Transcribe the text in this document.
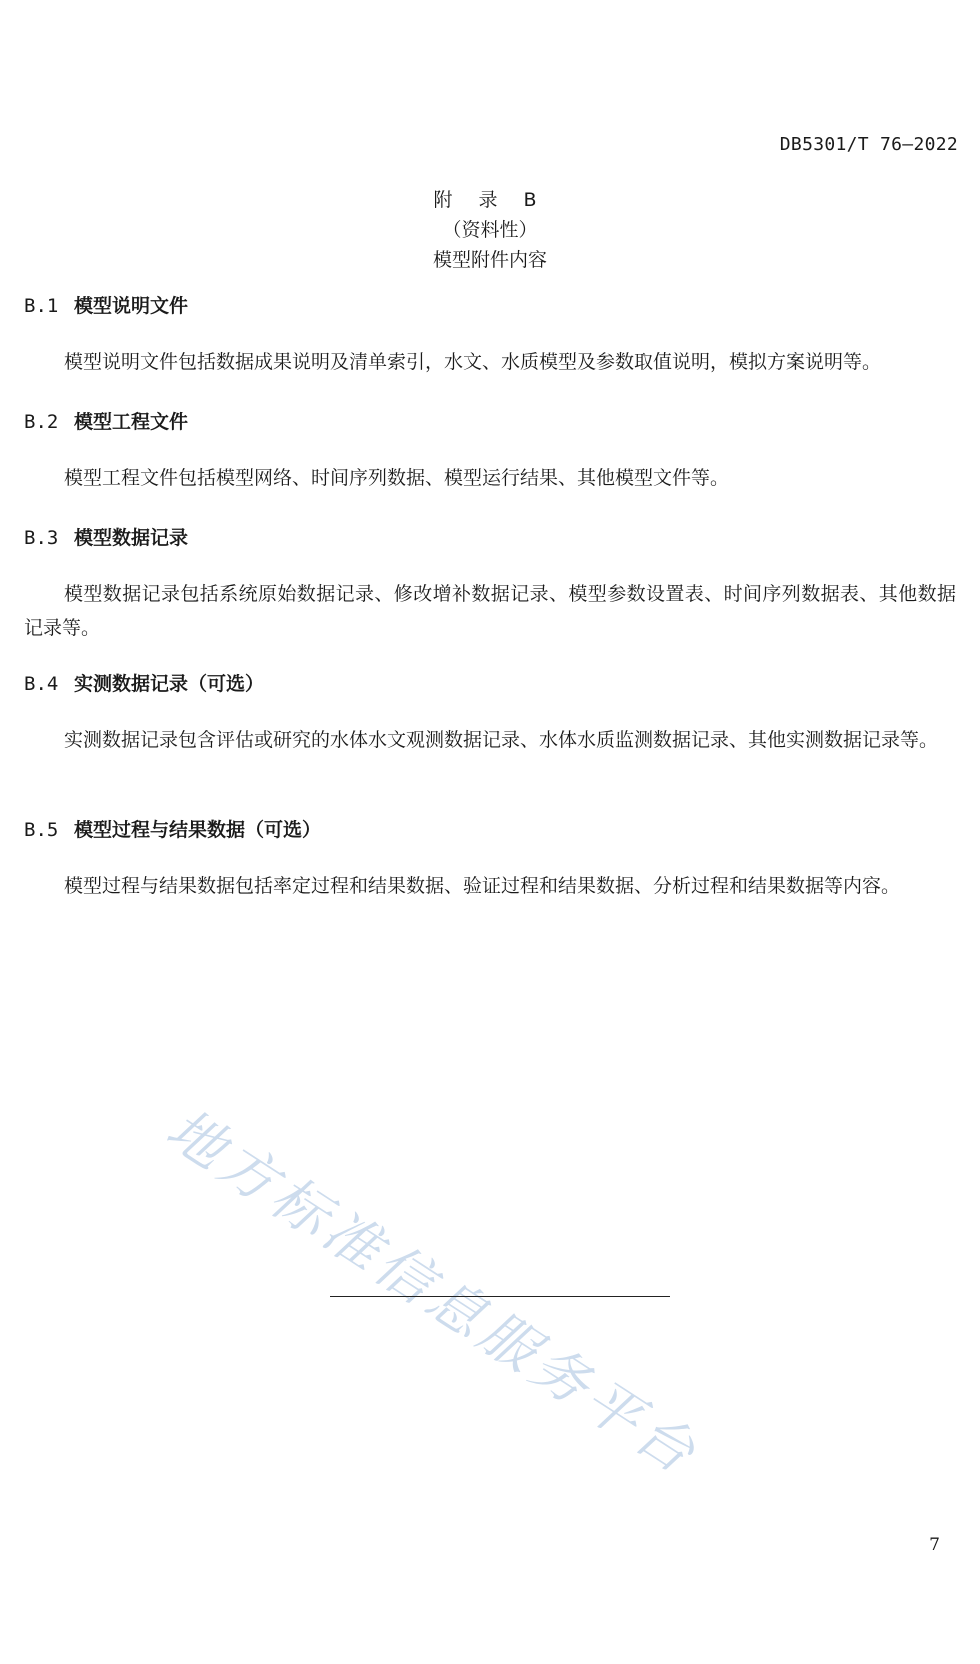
DB5301/T 76—2022
附 录 B
（资料性）
模型附件内容
B.1 模型说明文件
模型说明文件包括数据成果说明及清单索引，水文、水质模型及参数取值说明，模拟方案说明等。
B.2 模型工程文件
模型工程文件包括模型网络、时间序列数据、模型运行结果、其他模型文件等。
B.3 模型数据记录
模型数据记录包括系统原始数据记录、修改增补数据记录、模型参数设置表、时间序列数据表、其他数据记录等。
B.4 实测数据记录（可选）
实测数据记录包含评估或研究的水体水文观测数据记录、水体水质监测数据记录、其他实测数据记录等。
B.5 模型过程与结果数据（可选）
模型过程与结果数据包括率定过程和结果数据、验证过程和结果数据、分析过程和结果数据等内容。
地方标准信息服务平台
7
